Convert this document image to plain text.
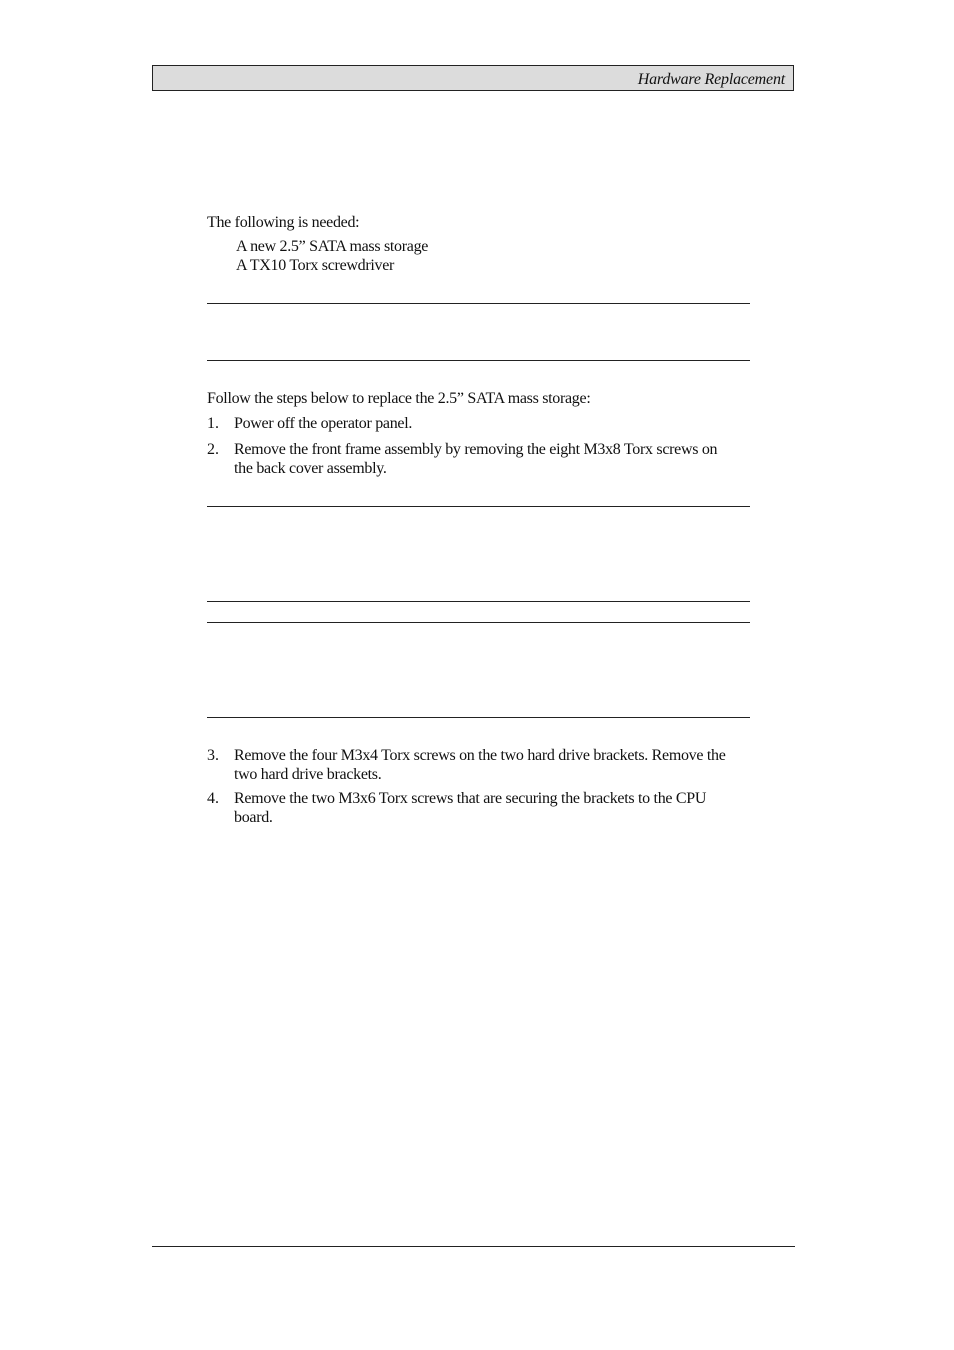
Hardware Replacement
The following is needed:
A new 2.5” SATA mass storage
A TX10 Torx screwdriver
Follow the steps below to replace the 2.5” SATA mass storage:
1. Power off the operator panel.
2. Remove the front frame assembly by removing the eight M3x8 Torx screws on the back cover assembly.
3. Remove the four M3x4 Torx screws on the two hard drive brackets. Remove the two hard drive brackets.
4. Remove the two M3x6 Torx screws that are securing the brackets to the CPU board.
